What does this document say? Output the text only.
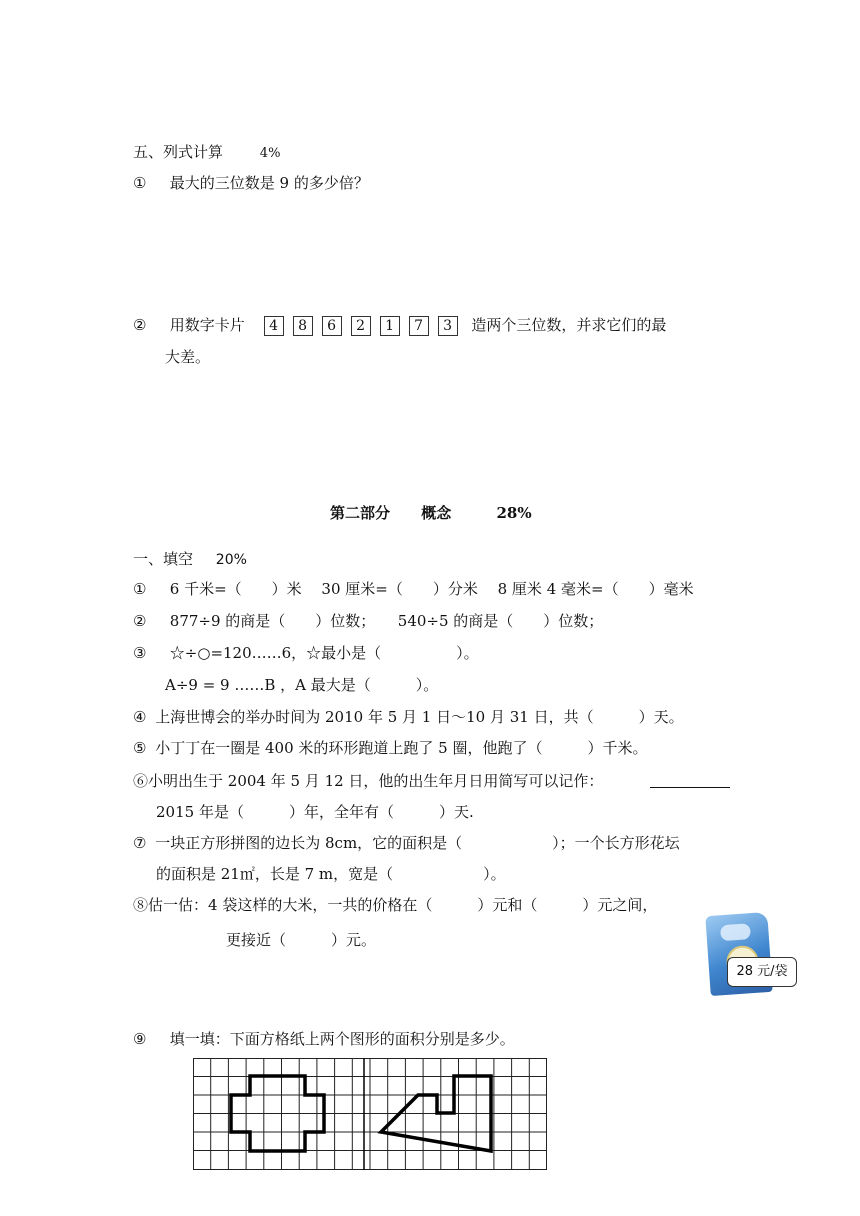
五、列式计算	4%
① 最大的三位数是 9 的多少倍？
② 用数字卡片 4 8 6 2 1 7 3 造两个三位数，并求它们的最
大差。
第二部分 概念	28%
一、填空 20%
① 6 千米=（　　）米　 30 厘米=（　　）分米　 8 厘米 4 毫米=（　　）毫米
② 877÷9 的商是（　　）位数；　　540÷5 的商是（　　）位数；
③ ☆÷○=120……6，☆最小是（　　　　　）。
A÷9 = 9 ……B ，A 最大是（　　　）。
④ 上海世博会的举办时间为 2010 年 5 月 1 日～10 月 31 日，共（　　　）天。
⑤ 小丁丁在一圈是 400 米的环形跑道上跑了 5 圈，他跑了（　　　）千米。
⑥小明出生于 2004 年 5 月 12 日，他的出生年月日用简写可以记作：
2015 年是（　　　）年，全年有（　　　）天.
⑦ 一块正方形拼图的边长为 8cm，它的面积是（　　　　　　）；一个长方形花坛
的面积是 21㎡，长是 7 m，宽是（　　　　　　）。
⑧估一估：4 袋这样的大米，一共的价格在（　　　）元和（　　　）元之间，
更接近（　　　）元。
28 元/袋
⑨ 填一填：下面方格纸上两个图形的面积分别是多少。
